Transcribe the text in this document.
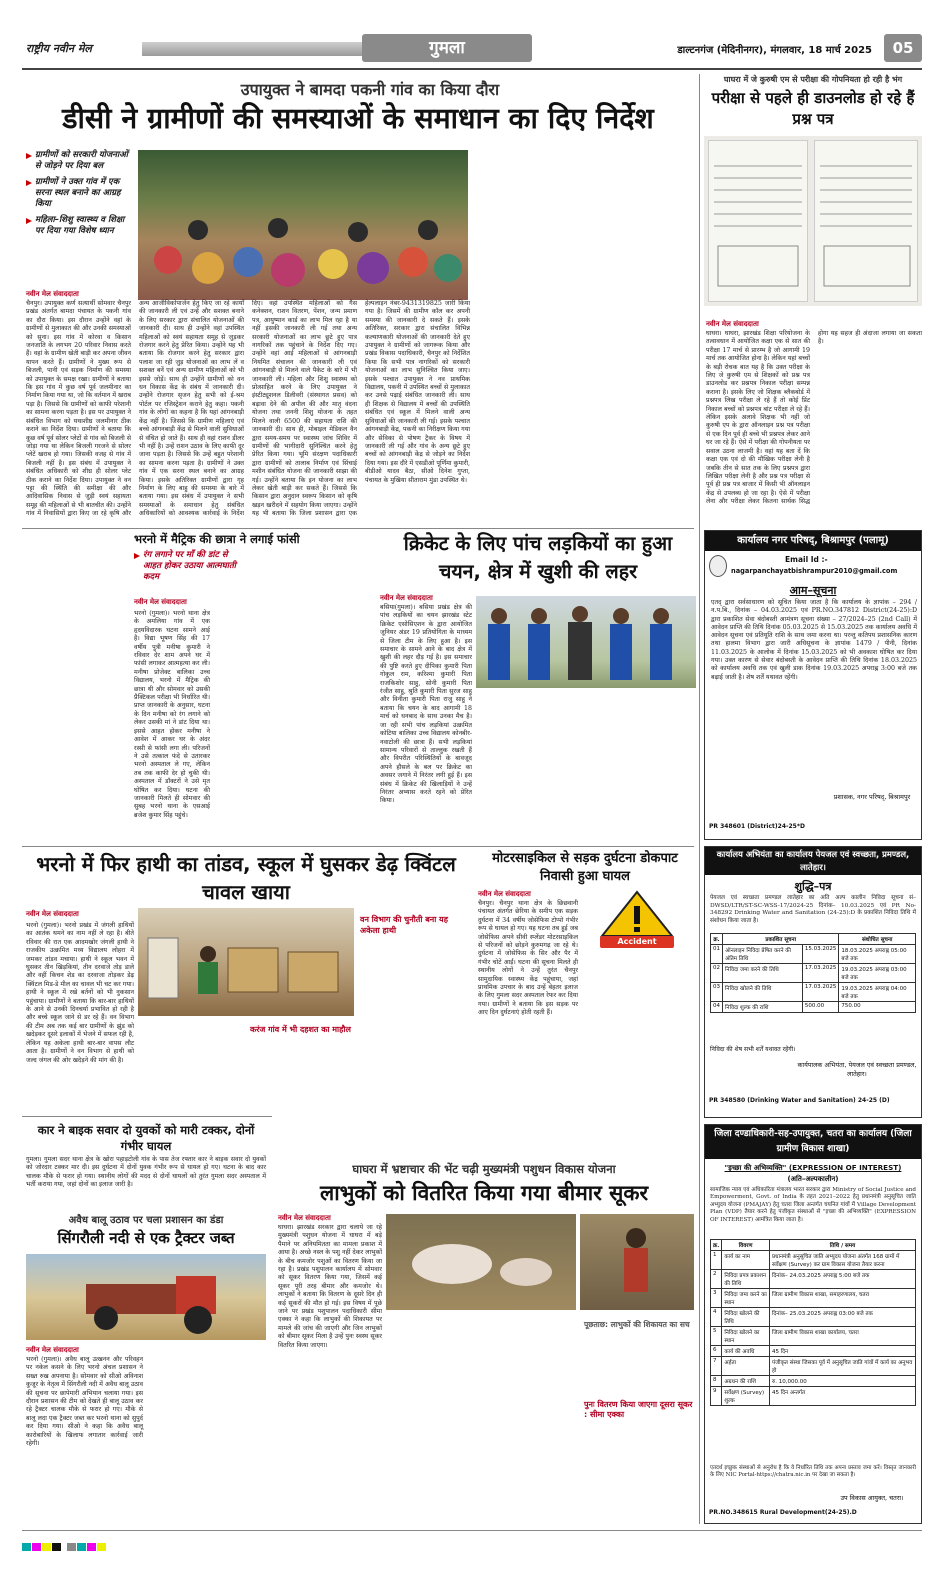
राष्ट्रीय नवीन मेल	गुमला	डाल्टनगंज (मेदिनीनगर), मंगलवार, 18 मार्च 2025	05
उपायुक्त ने बामदा पकनी गांव का किया दौरा
डीसी ने ग्रामीणों की समस्याओं के समाधान का दिए निर्देश
ग्रामीणों को सरकारी योजनाओं से जोड़ने पर दिया बल
ग्रामीणों ने उक्त गांव में एक सरना स्थल बनाने का आग्रह किया
महिला–शिशु स्वास्थ्य व शिक्षा पर दिया गया विशेष ध्यान
नवीन मेल संवाददाता
चैनपुर। उपायुक्त कर्ण सत्यार्थी सोमवार चैनपुर प्रखंड अंतर्गत बामदा पंचायत के पकनी गांव का दौरा किया। इस दौरान उन्होंने वहां के ग्रामीणों से मुलाकात की और उनकी समस्याओं को सुना। इस गांव में कोरवा व किसान जनजाति के लगभग 20 परिवार निवास करते हैं। वहां के ग्रामीण खेती बाड़ी कर अपना जीवन यापन करते हैं। ग्रामीणों ने मुख्य रूप से बिजली, पानी एवं सड़क निर्माण की समस्या को उपायुक्त के समक्ष रखा। ग्रामीणों ने बताया कि इस गांव में कुछ वर्ष पूर्व जलमीनार का निर्माण किया गया था, जो कि वर्तमान में खराब पड़ा है। जिससे कि ग्रामीणों को काफी परेशानी का सामना करना पड़ता है। इस पर उपायुक्त ने संबंधित विभाग को यथाशीघ्र जलमीनार ठीक कराने का निर्देश दिया। ग्रामीणों ने बताया कि कुछ वर्ष पूर्व सोलर प्लेटों से गांव को बिजली से जोड़ा गया था लेकिन बिजली गरजने से सोलर प्लेटें खराब हो गया। जिसकी वजह से गांव में बिजली नहीं है। इस संबंध में उपायुक्त ने संबंधित अधिकारी को शीघ्र ही सोलर प्लेट ठीक कराने का निर्देश दिया। उपायुक्त ने वन पट्टा की स्थिति की समीक्षा की और आदिवासिक निवास से जुड़ी स्वयं सहायता समूह की महिलाओं से भी बातचीत की। उन्होंने गांव में निवासियों द्वारा किए जा रहे कृषि और अन्य आजीविकोपार्जन हेतु किए जा रहे कार्यों की जानकारी ली एवं उन्हें और सशक्त बनाने के लिए सरकार द्वारा संचालित योजनाओं की जानकारी दी। साथ ही उन्होंने वहां उपस्थित महिलाओं को स्वयं सहायता समूह से जुड़कर रोजगार करने हेतु प्रेरित किया। उन्होंने यह भी बताया कि रोजगार करने हेतु सरकार द्वारा पलाश जा रही जुड़ योजनाओं का लाभ लें व सशक्त बनें एवं अन्य ग्रामीण महिलाओं को भी इससे जोड़ें। साथ ही उन्होंने ग्रामीणों को वन धन विकास केंद्र के संबंध में जानकारी दी। उन्होंने रोजगार सृजन हेतु सभी को ई-श्रम पोर्टल पर रजिस्ट्रेशन कराने हेतु कहा। पकनी गांव के लोगों का कहना है कि यहां आंगनबाड़ी केंद्र नहीं है। जिससे कि ग्रामीण महिलाएं एवं बच्चे आंगनबाड़ी केंद्र से मिलने वाली सुविधाओं से वंचित हो जाते हैं। साथ ही वहां राशन डीलर भी नहीं है। उन्हें राशन उठाव के लिए काफी दूर जाना पड़ता है। जिससे कि उन्हें बहुत परेशानी का सामना करना पड़ता है। ग्रामीणों ने उक्त गांव में एक सरना स्थल बनाने का आग्रह किया। इसके अतिरिक्त ग्रामीणों द्वारा गृह निर्माण के लिए बाहु की समस्या के बारे में बताया गया। इस संबंध में उपायुक्त ने सभी समस्याओं के समाधान हेतु संबंधित अधिकारियों को आवश्यक कार्रवाई के निर्देश दिए। वहां उपस्थित महिलाओं को गैस कनेक्शन, राशन वितरण, पेंशन, जन्म प्रमाण पत्र, आयुष्मान कार्ड का लाभ मिल रहा है या नहीं इसकी जानकारी ली गई तथा अन्य सरकारी योजनाओं का लाभ छूटे हुए पात्र नागरिकों तक पहुंचाने के निर्देश दिए गए। उन्होंने वहां आई महिलाओं से आंगनबाड़ी नियमित संचालन की जानकारी ली एवं आंगनबाड़ी से मिलने वाले पैकेट के बारे में भी जानकारी ली। महिला और शिशु स्वास्थ्य को प्रोत्साहित करने के लिए उपायुक्त ने इंस्टीट्यूशनल डिलीवरी (संस्थागत प्रसव) को बढ़ावा देने की अपील की और मातृ वंदना योजना तथा जननी शिशु योजना के तहत मिलने वाली 6500 की सहायता राशि की जानकारी दी। साथ ही, मोबाइल मेडिकल वैन द्वारा समय-समय पर स्वास्थ्य जांच शिविर में ग्रामीणों की भागीदारी सुनिश्चित करने हेतु प्रेरित किया गया। भूमि संरक्षण पदाधिकारी द्वारा ग्रामीणों को तालाब निर्माण एवं सिंचाई मशीन संबंधित योजना की जानकारी साझा की गई। उन्होंने बताया कि इन योजना का लाभ लेकर खेती बाड़ी कर सकते हैं। जिससे कि किसान द्वारा अनुदान स्वरूप किसान को कृषि खड़न खरीदने में सहयोग किया जाएगा। उन्होंने यह भी बताया कि जिला प्रशासन द्वारा एक हेल्पलाइन नंबर-9431319825 जारी किया गया है। जिसमें की ग्रामीण कॉल कर अपनी समस्या की जानकारी दे सकते हैं। इसके अतिरिक्त, सरकार द्वारा संचालित विभिन्न कल्याणकारी योजनाओं की जानकारी देते हुए उपायुक्त ने ग्रामीणों को जागरूक किया और प्रखंड विकास पदाधिकारी, चैनपुर को निर्देशित किया कि सभी पात्र नागरिकों को सरकारी योजनाओं का लाभ सुनिश्चित किया जाए। इसके पश्चात उपायुक्त ने नव प्राथमिक विद्यालय, पकनी में उपस्थित बच्चों से मुलाकात कर उनसे पढ़ाई संबंधित जानकारी ली। साथ ही शिक्षक से विद्यालय में बच्चों की उपस्थिति संबंधित एवं स्कूल में मिलने वाली अन्य सुविधाओं की जानकारी ली गई। इसके पश्चात आंगनबाड़ी केंद्र, पकनी का निरीक्षण किया गया और सेविका से पोषण ट्रैकर के विषय में जानकारी ली गई और गांव के अन्य छूटे हुए बच्चों को आंगनबाड़ी केंद्र से जोड़ने का निर्देश दिया गया। इस दौरे में एसडीओ पूर्णिमा कुमारी, बीडीओ यादव बैठा, सीओ दिनेश गुप्ता, पंचायत के मुखिया सीताराम मुंडा उपस्थित थे।
घाघरा में जे कुरुषी एम से परीक्षा की गोपनियता हो रही है भंग
परीक्षा से पहले ही डाउनलोड हो रहे हैं प्रश्न पत्र
नवीन मेल संवाददाता
घाघरा। घाघरा, झारखंड शिक्षा परियोजना के तत्वावधान में आयोजित कक्षा एक से सात की परीक्षा 17 मार्च से प्रारम्भ है जो आगामी 19 मार्च तक आयोजित होना है। लेकिन यहां बच्चों के बड़ी रोचक बात यह है कि उक्त परीक्षा के लिए जे कुरुषी एम से शिक्षकों को प्रश्न पत्र डाउनलोड कर प्रश्नपत्र निकाल परीक्षा सम्पन्न कराना है। इसके लिए जो शिक्षक ब्लैकबोर्ड में प्रश्नपत्र लिख परीक्षा ले रहे हैं तो कोई प्रिंट निकाल बच्चों को प्रश्नपत्र बांट परीक्षा ले रहे हैं। लेकिन इसके अलावे शिक्षक भी नहीं जो कुरुषी एप के द्वारा ऑनलाइन प्रश्न पत्र परीक्षा से एक दिन पूर्व ही बच्चे भी प्रश्नपत्र लेकर आने घर जा रहे हैं। ऐसे में परीक्षा की गोपनीयता पर सवाल उठना लाजमी है। वहां यह बता दें कि कक्षा एक एवं दो की मौखिक परीक्षा लेनी है जबकि तीन से सात तक के लिए प्रश्नपत्र द्वारा लिखित परीक्षा लेनी है और प्रश्न पत्र परीक्षा से पूर्व ही प्रश्न पत्र बाजार में किसी भी ऑनलाइन केंद्र से उपलब्ध हो जा रहा है। ऐसे में परीक्षा लेना और परीक्षा लेकर कितना सार्थक सिद्ध होगा यह सहज ही अंदाजा लगाया जा सकता है।
भरनो में मैट्रिक की छात्रा ने लगाई फांसी
रंग लगाने पर माँ की डांट से आहत होकर उठाया आत्मघाती कदम
नवीन मेल संवाददाता
भरनो (गुमला)। भरनो थाना क्षेत्र के अमलिया गांव में एक हृदयविदारक घटना सामने आई है। विद्या भूषण सिंह की 17 वर्षीय पुत्री मनीषा कुमारी ने रविवार देर शाम अपने घर में फांसी लगाकर आत्महत्या कर ली। मनीषा प्रोजेक्ट बालिका उच्च विद्यालय, भरनो में मैट्रिक की छात्रा थी और सोमवार को उसकी प्रैक्टिकल परीक्षा भी निर्धारित थी। प्राप्त जानकारी के अनुसार, घटना के दिन मनीषा को रंग लगाने को लेकर उसकी मां ने डांट दिया था। इससे आहत होकर मनीषा ने आवेश में आकर घर के अंदर रस्सी से फांसी लगा ली। परिजनों ने उसे तत्काल फंदे से उतारकर भरनो अस्पताल ले गए, लेकिन तब तक काफी देर हो चुकी थी। अस्पताल में डॉक्टरों ने उसे मृत घोषित कर दिया। घटना की जानकारी मिलते ही सोमवार की सुबह भरनो थाना के एसआई ब्रजेश कुमार सिंह पहुंचे।
क्रिकेट के लिए पांच लड़कियों का हुआ चयन, क्षेत्र में खुशी की लहर
नवीन मेल संवाददाता
बसिया(गुमला)। बसिया प्रखंड क्षेत्र की पांच लड़कियों का चयन झारखंड स्टेट क्रिकेट एसोसिएशन के द्वारा आयोजित जूनियर अंडर 19 प्रतियोगिता के माध्यम से जिला टीम के लिए हुआ है। इस समाचार के सामने आने के बाद क्षेत्र में खुशी की लहर दौड़ गई है। इस समाचार की पुष्टि करते हुए दीपिका कुमारी पिता गोकुल राम, करिश्मा कुमारी पिता राजकिशोर साहु, सोनी कुमारी पिता रंजीत साहु, श्रुति कुमारी पिता सुरज साहु और विनीता कुमारी पिता राजु साहु ने बताया कि चयन के बाद आगामी 18 मार्च को धनबाद के साथ उनका मैच है। जा रही सभी पांच लड़कियां उत्क्रमित कोटिया बालिका उच्च विद्यालय कोनबीर-नवाटोली की छात्रा हैं। सभी लड़कियां सामान्य परिवारों से ताल्लुक रखती हैं और विपरीत परिस्थितियों के बावजूद अपने हौसले के बल पर क्रिकेट का अवसर जगाने में निरंतर लगी हुई हैं। इस संबंध में क्रिकेट की खिलाड़ियों ने उन्हें निरंतर अभ्यास करते रहने को प्रेरित किया।
कार्यालय नगर परिषद्, बिश्रामपुर (पलामू)
Email Id :-
nagarpanchayatbishrampur2010@gmail.com
आम–सूचना
एतद् द्वारा सर्वसाधारण को सूचित किया जाता है कि कार्यालय के ज्ञापांक – 294 / न.प.बि., दिनांक – 04.03.2025 एवं PR.NO.347812 District(24-25):D द्वारा प्रकाशित सेवा बंदोबस्ती आमंत्रण सूचना संख्या – 27/2024–25 (2nd Call) में आवेदन प्राप्ति की तिथि दिनांक 05.03.2025 से 15.03.2025 तक कार्यालय अवधि में आवेदन सूचना एवं प्रतियूति राशि के साथ जमा करना था। परन्तु कतिपय प्रशासनिक कारण तथा हालमा विभाग द्वारा जारी अधिसूचना के ज्ञापांक 1479 / पीनी, दिनांक 11.03.2025 के आलोक में दिनांक 15.03.2025 को भी अवकाश घोषित कर दिया गया। उक्त कारण से सेवार बंदोबस्ती के आवेदन प्राप्ति की तिथि दिनांक 18.03.2025 को कार्यालय अवधि तक एवं खुली डाक दिनांक 19.03.2025 अपराह्न 3:00 बजे तक बढ़ाई जाती है। शेष शर्तें यथावत रहेंगी।
प्रशासक, नगर परिषद्, बिश्रामपुर
PR 348601 (District)24-25*D
भरनो में फिर हाथी का तांडव, स्कूल में घुसकर डेढ़ क्विंटल चावल खाया
नवीन मेल संवाददाता
भरनो (गुमला)। भरनो प्रखंड में जंगली हाथियों का आतंक थमने का नाम नहीं ले रहा है। बीते रविवार की रात एक आदमखोर जंगली हाथी ने राजकीय उत्क्रमित मध्य विद्यालय लोहरा में जमकर तांडव मचाया। हाथी ने स्कूल भवन में घुसकर तीन खिड़कियां, तीन दरवाजे तोड़ डाले और वहीं किचन शेड का दरवाजा तोड़कर डेढ़ क्विंटल मिड-डे मील का चावल भी चट कर गया। हाथी ने स्कूल में रखे बर्तनों को भी नुकसान पहुंचाया। ग्रामीणों ने बताया कि बार-बार हाथियों के आने से उनकी दिनचर्या प्रभावित हो रही है और बच्चे स्कूल जाने से डर रहे हैं। वन विभाग की टीम अब तक कई बार ग्रामीणों के झुंड को खदेड़कर दूसरे इलाकों में भेजने में सफल रही है, लेकिन यह अकेला हाथी बार-बार वापस लौट आता है। ग्रामीणों ने वन विभाग से हाथी को जल्द जंगल की ओर खदेड़ने की मांग की है।
करंज गांव में भी दहशत का माहौल
वन विभाग की चुनौती बना यह अकेला हाथी
मोटरसाइकिल से सड़क दुर्घटना डोकपाट निवासी हुआ घायल
नवीन मेल संवाददाता
Accident
चैनपुर। चैनपुर थाना क्षेत्र के छिछवानी पंचायत अंतर्गत छेरिया के समीप एक सड़क दुर्घटना में 34 वर्षीय जोसेफिस टोप्पो गंभीर रूप से घायल हो गए। यह घटना तब हुई जब जोसेफिस अपने सीवी स्प्लेंडर मोटरसाइकिल से परिजनों को छोड़ने कुरुमगढ़ जा रहे थे। दुर्घटना में जोसेफिस के सिर और पैर में गंभीर चोटें आईं। घटना की सूचना मिलते ही स्थानीय लोगों ने उन्हें तुरंत चैनपुर सामुदायिक स्वास्थ्य केंद्र पहुंचाया, जहां प्राथमिक उपचार के बाद उन्हें बेहतर इलाज के लिए गुमला सदर अस्पताल रेफर कर दिया गया। ग्रामीणों ने बताया कि इस सड़क पर आए दिन दुर्घटनाएं होती रहती हैं।
कार्यालय अभियंता का कार्यालय पेयजल एवं स्वच्छता, प्रमण्डल, लातेहार।
शुद्धि–पत्र
पेयजल एवं स्वच्छता प्रमण्डल लातेहार का अति अल्प कालीन निविदा सूचना सं– DWSD/LTR/ST-SC-WSS-17/2024-25 दिनांक– 10.03.2025 एवं PR No- 348292 Drinking Water and Sanitation (24-25):D के प्रकाशित निविदा तिथि में संशोधन किया जाता है।
क्र.	प्रकाशित सूचना		संशोधित सूचना
01	ऑनलाइन निविदा प्रेषित करने की अंतिम तिथि	15.03.2025	18.03.2025 अपराह्न 05:00 बजे तक
02	निविदा जमा करने की तिथि	17.03.2025	19.03.2025 अपराह्न 03:00 बजे तक
03	निविदा खोलने की तिथि	17.03.2025	19.03.2025 अपराह्न 04:00 बजे तक
04	निविदा शुल्क की राशि	500.00	750.00
निविदा की शेष सभी शर्तें यथावत रहेंगी।
कार्यपालक अभियंता, पेयजल एवं स्वच्छता प्रमण्डल, लातेहार।
PR 348580 (Drinking Water and Sanitation) 24-25 (D)
कार ने बाइक सवार दो युवकों को मारी टक्कर, दोनों गंभीर घायल
गुमला। गुमला सदर थाना क्षेत्र के खोरा पहाड़टोली गांव के पास तेज रफ्तार कार ने बाइक सवार दो युवकों को जोरदार टक्कर मार दी। इस दुर्घटना में दोनों युवक गंभीर रूप से घायल हो गए। घटना के बाद कार चालक मौके से फरार हो गया। स्थानीय लोगों की मदद से दोनों घायलों को तुरंत गुमला सदर अस्पताल में भर्ती कराया गया, जहां दोनों का इलाज जारी है।
अवैध बालू उठाव पर चला प्रशासन का डंडा
सिंगरौली नदी से एक ट्रैक्टर जब्त
नवीन मेल संवाददाता
भरनो (गुमला)। अवैध बालू उत्खनन और परिवहन पर नकेल कसने के लिए भरनो अंचल प्रशासन ने सख्त रुख अपनाया है। सोमवार को सीओ अविनाश कुजूर के नेतृत्व में सिंगरौली नदी में अवैध बालू उठाव की सूचना पर छापेमारी अभियान चलाया गया। इस दौरान प्रशासन की टीम को देखते ही बालू उठाव कर रहे ट्रैक्टर चालक मौके से फरार हो गए। मौके से बालू लदा एक ट्रैक्टर जब्त कर भरनो थाना को सुपुर्द कर दिया गया। सीओ ने कहा कि अवैध बालू कारोबारियों के खिलाफ लगातार कार्रवाई जारी रहेगी।
घाघरा में भ्रष्टाचार की भेंट चढ़ी मुख्यमंत्री पशुधन विकास योजना
लाभुकों को वितरित किया गया बीमार सूकर
नवीन मेल संवाददाता
घाघरा। झारखंड सरकार द्वारा चलाये जा रहे मुख्यमंत्री पशुधन योजना में घाघरा में बड़े पैमाने पर अनियमितता का मामला प्रकाश में आया है। अच्छे नस्ल के पशु नहीं देकर लाभुकों के बीच कमजोर पशुओं का वितरण किया जा रहा है। प्रखंड पशुपालन कार्यालय में सोमवार को सूकर वितरण किया गया, जिसमें कई सूकर पूरी तरह बीमार और कमजोर थे। लाभुकों ने बताया कि वितरण के दूसरे दिन ही कई सूकरों की मौत हो गई। इस विषय में पूछे जाने पर प्रखंड पशुपालन पदाधिकारी सीमा एक्का ने कहा कि लाभुकों की शिकायत पर मामले की जांच की जाएगी और जिन लाभुकों को बीमार सूकर मिला है उन्हें पुनः स्वस्थ सूकर वितरित किया जाएगा।
पुनः वितरण किया जाएगा दूसरा सूकर : सीमा एक्का
पूछताछ: लाभुकों की शिकायत का सच
जिला दण्डाधिकारी-सह-उपायुक्त, चतरा का कार्यालय (जिला ग्रामीण विकास शाखा)
"इच्छा की अभिव्यक्ति" (EXPRESSION OF INTEREST)
(अति–अल्पकालीन)
सामाजिक न्याय एवं अधिकारिता मंत्रालय भारत सरकार द्वारा Ministry of Social Justice and Empowerment, Govt. of India के तहत 2021–2022 हेतु प्रधानमंत्री अनुसूचित जाति अभ्युदय योजना (PMAJAY) हेतु चतरा जिला अन्तर्गत चयनित गांवों में Village Development Plan (VDP) तैयार करने हेतु पंजीकृत संस्थाओं से "इच्छा की अभिव्यक्ति" (EXPRESSION OF INTEREST) आमंत्रित किया जाता है।
क्र.	विवरण	तिथि / समय
1	कार्य का नाम	प्रधानमंत्री अनुसूचित जाति अभ्युदय योजना अंतर्गत 168 ग्रामों में सर्वेक्षण (Survey) कर ग्राम विकास योजना तैयार करना
2	निविदा प्रपत्र प्रकाशन की तिथि	दिनांक– 24.03.2025 अपराह्न 5:00 बजे तक
3	निविदा जमा करने का स्थान	जिला ग्रामीण विकास शाखा, समाहरणालय, चतरा
4	निविदा खोलने की तिथि	दिनांक– 25.03.2025 अपराह्न 03:00 बजे तक
5	निविदा खोलने का स्थान	जिला ग्रामीण विकास शाखा कार्यालय, चतरा
6	कार्य की अवधि	45 दिन
7	अर्हता	पंजीकृत संस्था जिसका पूर्व में अनुसूचित जाति गांवों में कार्य का अनुभव हो
8	अग्रधन की राशि	रु. 10,000.00
9	सर्वेक्षण (Survey) शुल्क	45 दिन अन्तर्गत
एतदर्थ इच्छुक संस्थाओं से अनुरोध है कि वे निर्धारित तिथि तक अपना प्रस्ताव जमा करें। विस्तृत जानकारी के लिए NIC Portal-https://chatra.nic.in पर देखा जा सकता है।
उप विकास आयुक्त, चतरा।
PR.NO.348615 Rural Development(24-25).D
